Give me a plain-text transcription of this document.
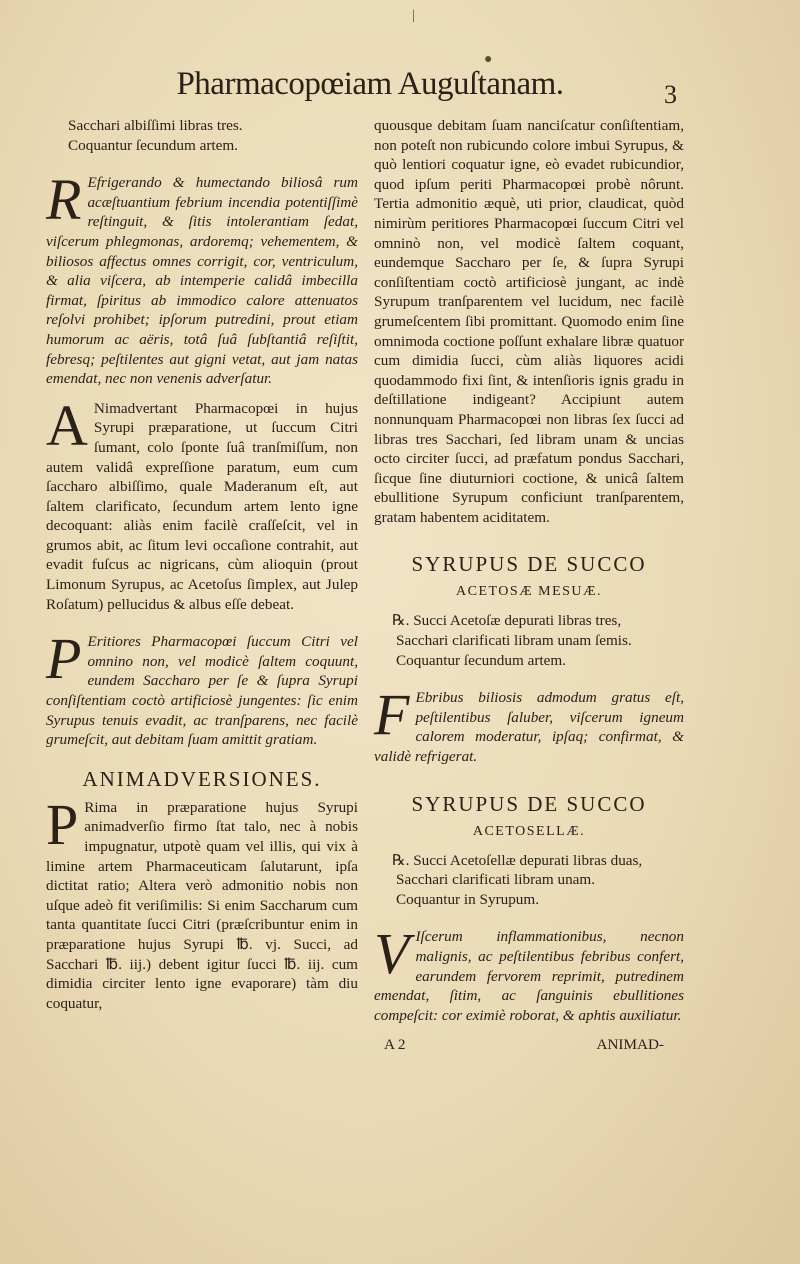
|
●
Pharmacopœiam Auguſtanam.	3

Sacchari albiſſimi libras tres.

Coquantur ſecundum artem.

R Efrigerando & humectando biliosâ rum acæſtuantium febrium incendia potentiſſimè reſtinguit, & ſitis intolerantiam ſedat, viſcerum phlegmonas, ardoremq; vehementem, & biliosos affectus omnes corrigit, cor, ventriculum, & alia viſcera, ab intemperie calidâ imbecilla firmat, ſpiritus ab immodico calore attenuatos reſolvi prohibet; ipſorum putredini, prout etiam humorum ac aëris, totâ ſuâ ſubſtantiâ reſiſtit, febresq; peſtilentes aut gigni vetat, aut jam natas emendat, nec non venenis adverſatur.

A Nimadvertant Pharmacopœi in hujus Syrupi præparatione, ut ſuccum Citri ſumant, colo ſponte ſuâ tranſmiſſum, non autem validâ expreſſione paratum, eum cum ſaccharo albiſſimo, quale Maderanum eſt, aut ſaltem clarificato, ſecundum artem lento igne decoquant: aliàs enim facilè craſſeſcit, vel in grumos abit, ac ſitum levi occaſione contrahit, aut evadit fuſcus ac nigricans, cùm alioquin (prout Limonum Syrupus, ac Acetoſus ſimplex, aut Julep Roſatum) pellucidus & albus eſſe debeat.

P Eritiores Pharmacopœi ſuccum Citri vel omnino non, vel modicè ſaltem coquunt, eundem Saccharo per ſe & ſupra Syrupi conſiſtentiam coctò artificiosè jungentes: ſic enim Syrupus tenuis evadit, ac tranſparens, nec facilè grumeſcit, aut debitam ſuam amittit gratiam.

ANIMADVERSIONES.

P Rima in præparatione hujus Syrupi animadverſio firmo ſtat talo, nec à nobis impugnatur, utpotè quam vel illis, qui vix à limine artem Pharmaceuticam ſalutarunt, ipſa dictitat ratio; Altera verò admonitio nobis non uſque adeò fit veriſimilis: Si enim Saccharum cum tanta quantitate ſucci Citri (præſcribuntur enim in præparatione hujus Syrupi ℔. vj. Succi, ad Sacchari ℔. iij.) debent igitur ſucci ℔. iij. cum dimidia circiter lento igne evaporare) tàm diu coquatur,

quousque debitam ſuam nanciſcatur conſiſtentiam, non poteſt non rubicundo colore imbui Syrupus, & quò lentiori coquatur igne, eò evadet rubicundior, quod ipſum periti Pharmacopœi probè nôrunt. Tertia admonitio æquè, uti prior, claudicat, quòd nimirùm peritiores Pharmacopœi ſuccum Citri vel omninò non, vel modicè ſaltem coquant, eundemque Saccharo per ſe, & ſupra Syrupi conſiſtentiam coctò artificiosè jungant, ac indè Syrupum tranſparentem vel lucidum, nec facilè grumeſcentem ſibi promittant. Quomodo enim ſine omnimoda coctione poſſunt exhalare libræ quatuor cum dimidia ſucci, cùm aliàs liquores acidi quodammodo fixi ſint, & intenſioris ignis gradu in deſtillatione indigeant? Accipiunt autem nonnunquam Pharmacopœi non libras ſex ſucci ad libras tres Sacchari, ſed libram unam & uncias octo circiter ſucci, ad præfatum pondus Sacchari, ſicque ſine diuturniori coctione, & unicâ ſaltem ebullitione Syrupum conficiunt tranſparentem, gratam habentem aciditatem.

SYRUPUS DE SUCCO
ACETOSÆ MESUÆ.

℞. Succi Acetoſæ depurati libras tres,

Sacchari clarificati libram unam ſemis.

Coquantur ſecundum artem.

F Ebribus biliosis admodum gratus eſt, peſtilentibus ſaluber, viſcerum igneum calorem moderatur, ipſaq; confirmat, & validè refrigerat.

SYRUPUS DE SUCCO
ACETOSELLÆ.

℞. Succi Acetoſellæ depurati libras duas,

Sacchari clarificati libram unam.

Coquantur in Syrupum.

V Iſcerum inflammationibus, necnon malignis, ac peſtilentibus febribus confert, earundem fervorem reprimit, putredinem emendat, ſitim, ac ſanguinis ebullitiones compeſcit: cor eximiè roborat, & aphtis auxiliatur.

A 2	ANIMAD-
